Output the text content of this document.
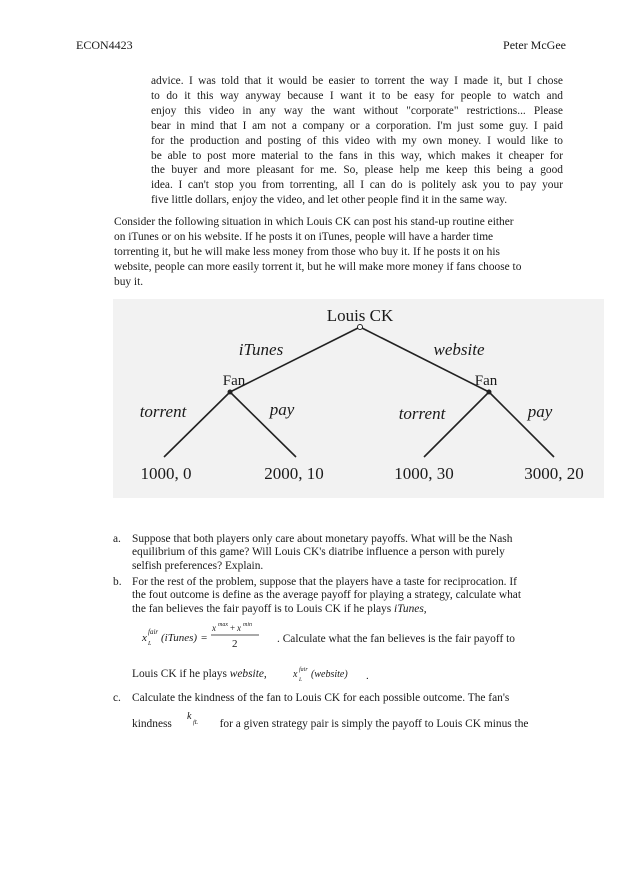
ECON4423	Peter McGee
advice. I was told that it would be easier to torrent the way I made it, but I chose
to do it this way anyway because I want it to be easy for people to watch and
enjoy this video in any way the want without "corporate" restrictions... Please
bear in mind that I am not a company or a corporation. I'm just some guy. I paid
for the production and posting of this video with my own money. I would like to
be able to post more material to the fans in this way, which makes it cheaper for
the buyer and more pleasant for me. So, please help me keep this being a good
idea. I can't stop you from torrenting, all I can do is politely ask you to pay your
five little dollars, enjoy the video, and let other people find it in the same way.
Consider the following situation in which Louis CK can post his stand-up routine either
on iTunes or on his website. If he posts it on iTunes, people will have a harder time
torrenting it, but he will make less money from those who buy it. If he posts it on his
website, people can more easily torrent it, but he will make more money if fans choose to
buy it.
Louis CK
iTunes	website
Fan	Fan
torrent	pay	torrent	pay
1000, 0	2000, 10	1000, 30	3000, 20
a. Suppose that both players only care about monetary payoffs. What will be the Nash
equilibrium of this game? Will Louis CK's diatribe influence a person with purely
selfish preferences? Explain.
b. For the rest of the problem, suppose that the players have a taste for reciprocation. If
the fout outcome is define as the average payoff for playing a strategy, calculate what
the fan believes the fair payoff is to Louis CK if he plays iTunes,
x fair
L (iTunes) =
x max + x min
2	. Calculate what the fan believes is the fair payoff to
Louis CK if he plays website,	x fair
L (website) .
c. Calculate the kindness of the fan to Louis CK for each possible outcome. The fan's
kindness
k
fL for a given strategy pair is simply the payoff to Louis CK minus the
